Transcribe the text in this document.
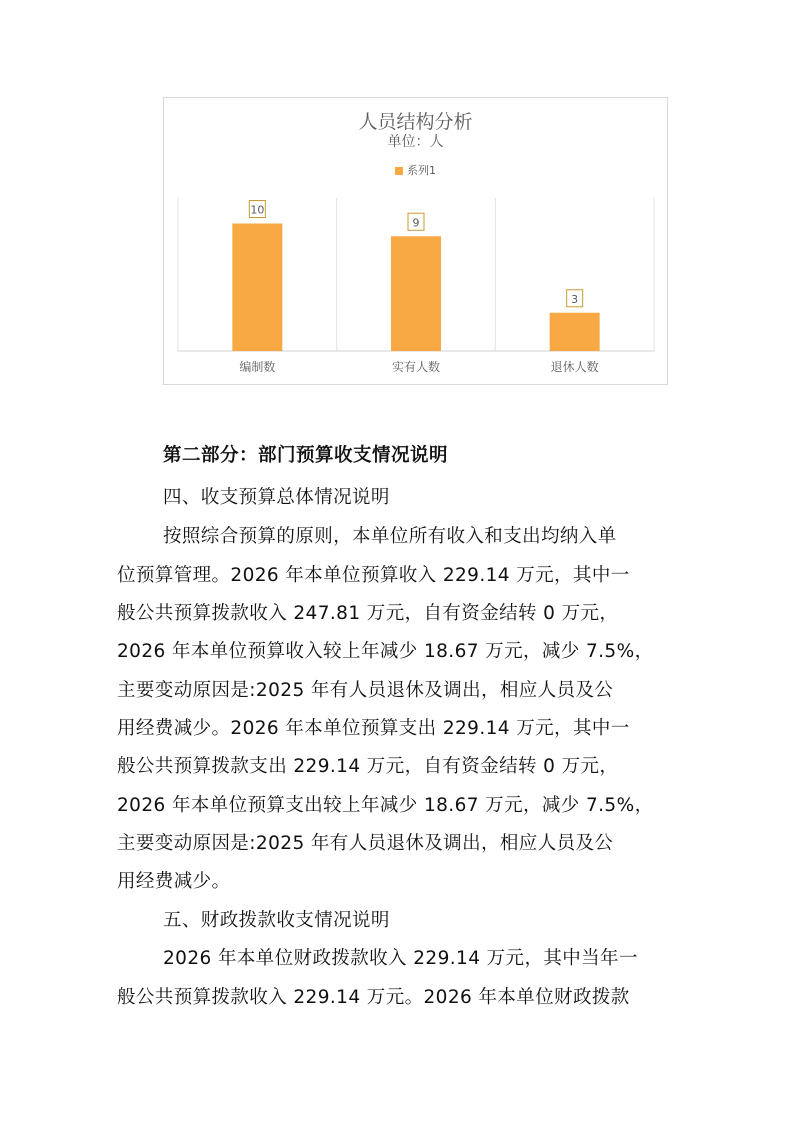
人员结构分析
单位：人
系列1
10
编制数
9
实有人数
3
退休人数
第二部分：部门预算收支情况说明
四、收支预算总体情况说明
按照综合预算的原则，本单位所有收入和支出均纳入单
位预算管理。2026 年本单位预算收入 229.14 万元，其中一
般公共预算拨款收入 247.81 万元，自有资金结转 0 万元，
2026 年本单位预算收入较上年减少 18.67 万元，减少 7.5%，
主要变动原因是:2025 年有人员退休及调出，相应人员及公
用经费减少。2026 年本单位预算支出 229.14 万元，其中一
般公共预算拨款支出 229.14 万元，自有资金结转 0 万元，
2026 年本单位预算支出较上年减少 18.67 万元，减少 7.5%，
主要变动原因是:2025 年有人员退休及调出，相应人员及公
用经费减少。
五、财政拨款收支情况说明
2026 年本单位财政拨款收入 229.14 万元，其中当年一
般公共预算拨款收入 229.14 万元。2026 年本单位财政拨款
